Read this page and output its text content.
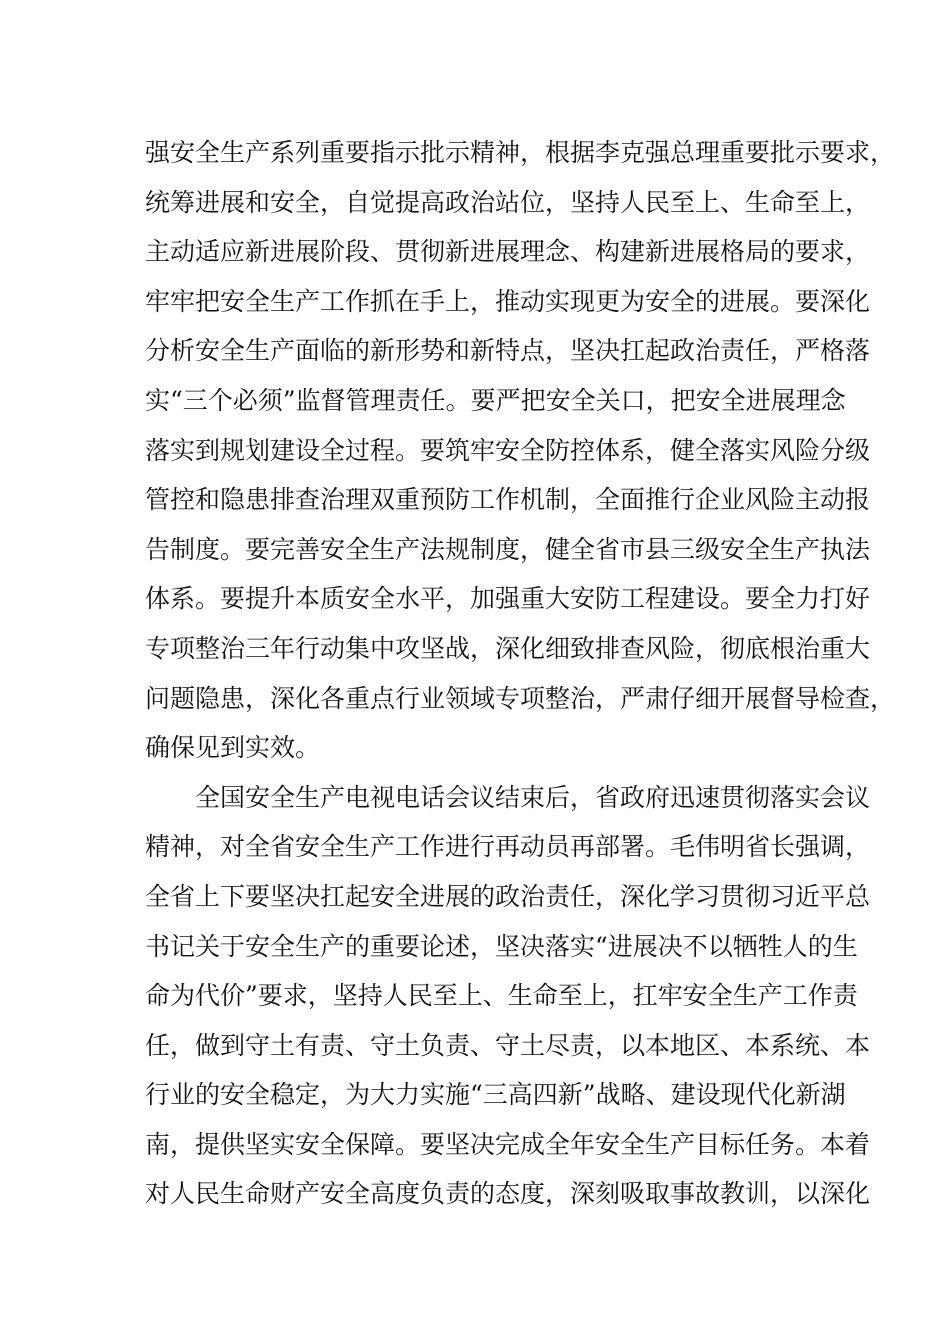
强安全生产系列重要指示批示精神，根据李克强总理重要批示要求，
统筹进展和安全，自觉提高政治站位，坚持人民至上、生命至上，
主动适应新进展阶段、贯彻新进展理念、构建新进展格局的要求，
牢牢把安全生产工作抓在手上，推动实现更为安全的进展。要深化
分析安全生产面临的新形势和新特点，坚决扛起政治责任，严格落
实“三个必须”监督管理责任。要严把安全关口，把安全进展理念
落实到规划建设全过程。要筑牢安全防控体系，健全落实风险分级
管控和隐患排查治理双重预防工作机制，全面推行企业风险主动报
告制度。要完善安全生产法规制度，健全省市县三级安全生产执法
体系。要提升本质安全水平，加强重大安防工程建设。要全力打好
专项整治三年行动集中攻坚战，深化细致排查风险，彻底根治重大
问题隐患，深化各重点行业领域专项整治，严肃仔细开展督导检查，
确保见到实效。
全国安全生产电视电话会议结束后，省政府迅速贯彻落实会议
精神，对全省安全生产工作进行再动员再部署。毛伟明省长强调，
全省上下要坚决扛起安全进展的政治责任，深化学习贯彻习近平总
书记关于安全生产的重要论述，坚决落实“进展决不以牺牲人的生
命为代价”要求，坚持人民至上、生命至上，扛牢安全生产工作责
任，做到守土有责、守土负责、守土尽责，以本地区、本系统、本
行业的安全稳定，为大力实施“三高四新”战略、建设现代化新湖
南，提供坚实安全保障。要坚决完成全年安全生产目标任务。本着
对人民生命财产安全高度负责的态度，深刻吸取事故教训，以深化
